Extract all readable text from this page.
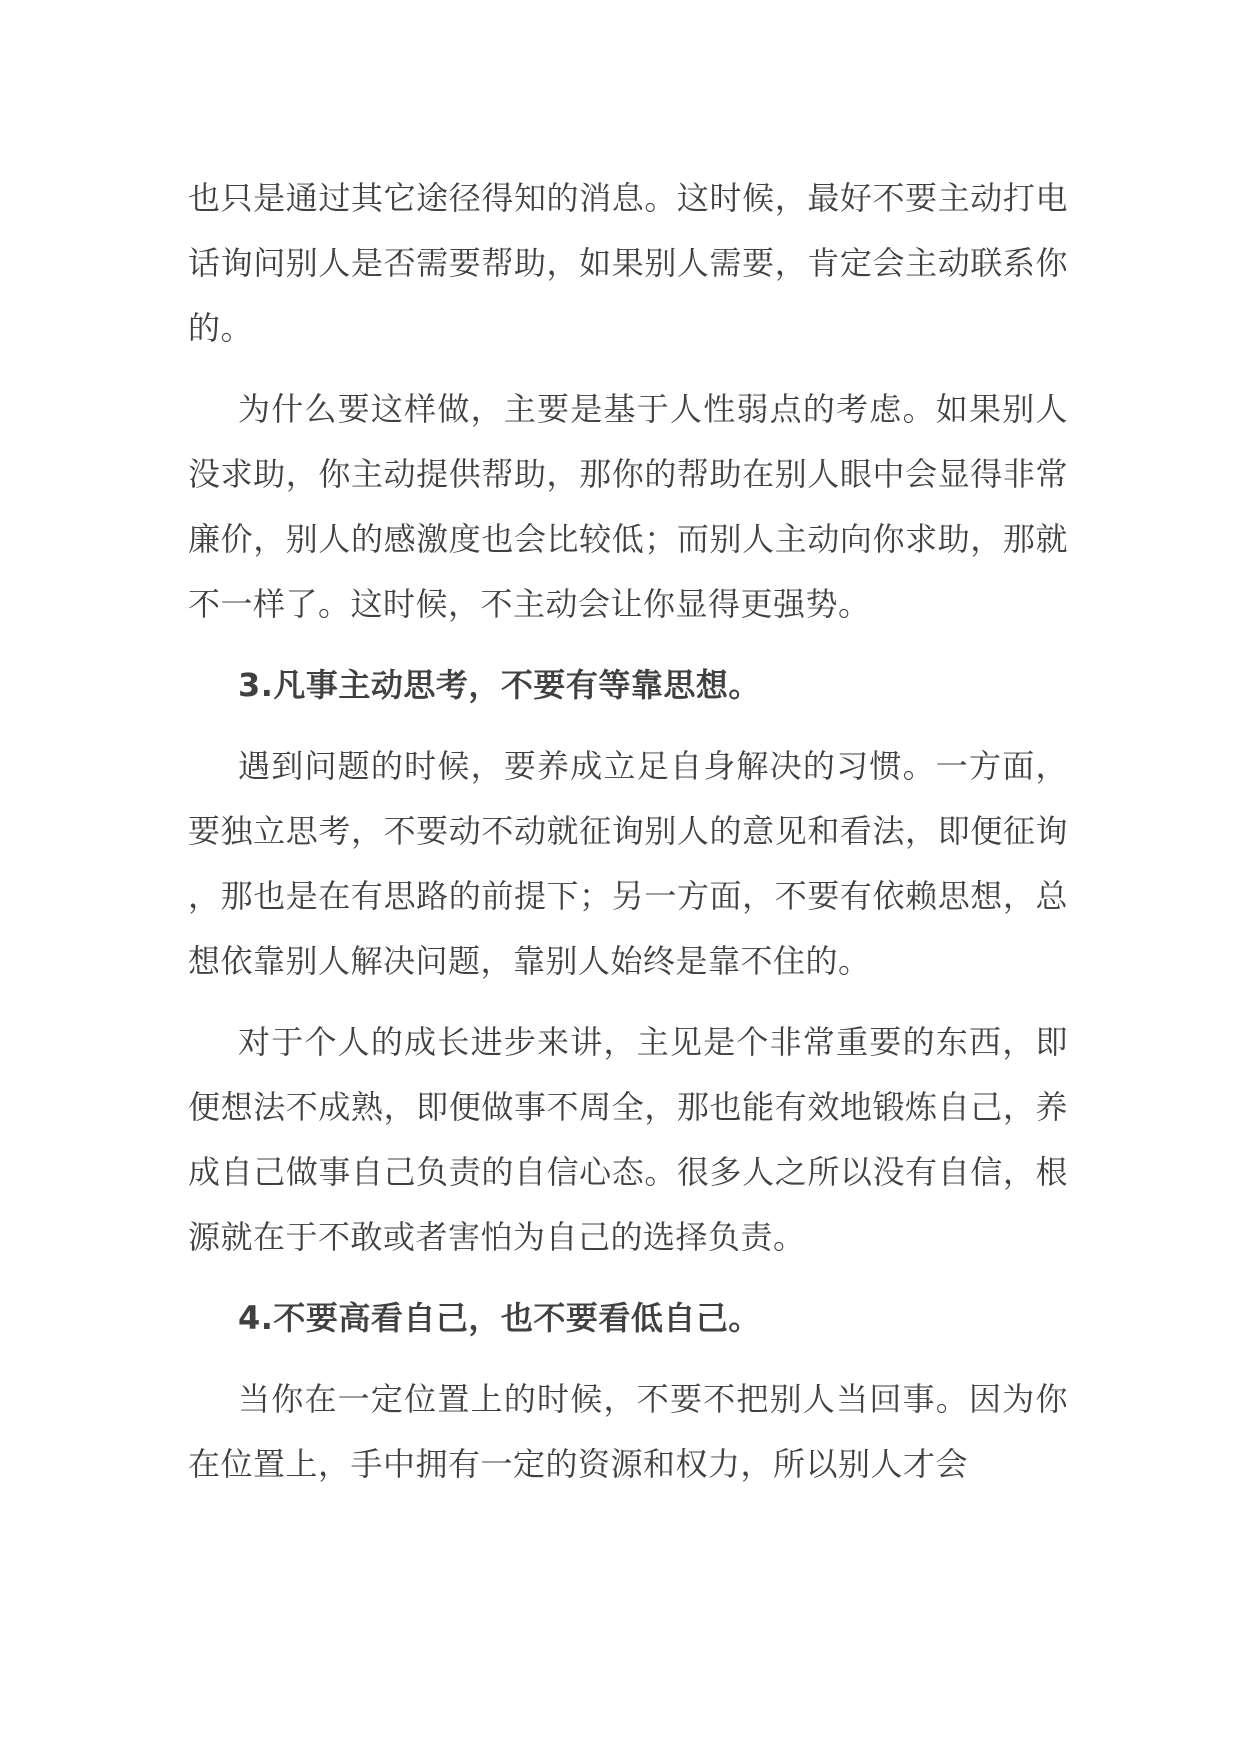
也只是通过其它途径得知的消息。这时候，最好不要主动打电话询问别人是否需要帮助，如果别人需要，肯定会主动联系你的。

为什么要这样做，主要是基于人性弱点的考虑。如果别人没求助，你主动提供帮助，那你的帮助在别人眼中会显得非常廉价，别人的感激度也会比较低；而别人主动向你求助，那就不一样了。这时候，不主动会让你显得更强势。

3.凡事主动思考，不要有等靠思想。

遇到问题的时候，要养成立足自身解决的习惯。一方面，要独立思考，不要动不动就征询别人的意见和看法，即便征询，那也是在有思路的前提下；另一方面，不要有依赖思想，总想依靠别人解决问题，靠别人始终是靠不住的。

对于个人的成长进步来讲，主见是个非常重要的东西，即便想法不成熟，即便做事不周全，那也能有效地锻炼自己，养成自己做事自己负责的自信心态。很多人之所以没有自信，根源就在于不敢或者害怕为自己的选择负责。

4.不要高看自己，也不要看低自己。

当你在一定位置上的时候，不要不把别人当回事。因为你在位置上，手中拥有一定的资源和权力，所以别人才会
